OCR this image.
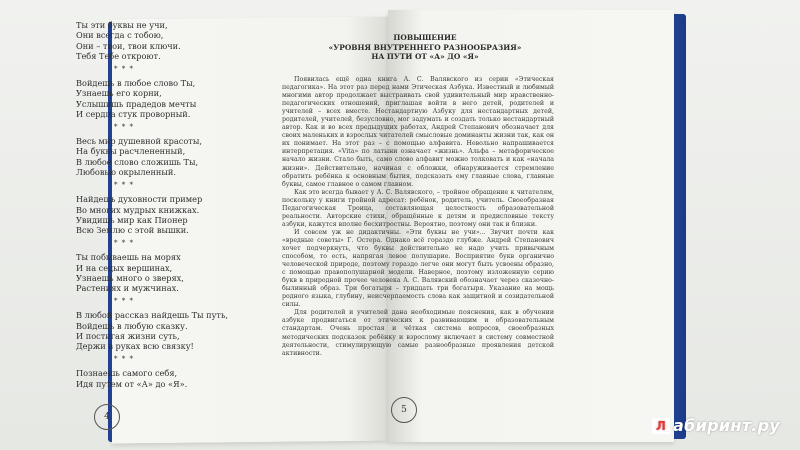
Ты эти буквы не учи,
Они всегда с тобою,
Они – твои, твои ключи.
Тебя Тебе откроют.
* * *
Войдешь в любое слово Ты,
Узнаешь его корни,
Услышишь прадедов мечты
И сердца стук проворный.
* * *
Весь мир душевной красоты,
На буквы расчлененный,
В любое слово сложишь Ты,
Любовью окрыленный.
* * *
Найдешь духовности пример
Во многих мудрых книжках.
Увидишь мир как Пионер
Всю Землю с этой вышки.
* * *
Ты побываешь на морях
И на седых вершинах,
Узнаешь много о зверях,
Растениях и мужчинах.
* * *
В любой рассказ найдешь Ты путь,
Войдешь в любую сказку.
И постигая жизни суть,
Держи в руках всю связку!
* * *
Познаешь самого себя,
Идя путем от «А» до «Я».
4
ПОВЫШЕНИЕ
«УРОВНЯ ВНУТРЕННЕГО РАЗНООБРАЗИЯ»
НА ПУТИ ОТ «А» ДО «Я»

Появилась ещё одна книга А. С. Валявского из серии «Этическая педагогика». На этот раз перед нами Этическая Азбука. Известный и любимый многими автор продолжает выстраивать свой удивительный мир нравственно-педагогических отношений, приглашая войти в него детей, родителей и учителей – всех вместе. Нестандартную Азбуку для нестандартных детей, родителей, учителей, безусловно, мог задумать и создать только нестандартный автор. Как и во всех предыдущих работах, Андрей Степанович обозначает для своих маленьких и взрослых читателей смысловые доминанты жизни так, как он их понимает. На этот раз – с помощью алфавита. Невольно напрашивается интерпретация. «Vita» по латыни означает «жизнь». Альфа – метафорическое начало жизни. Стало быть, само слово алфавит можно толковать и как «начала жизни». Действительно, начиная с обложки, обнаруживается стремление обратить ребёнка к основным бытия, подсказать ему главные слова, главные буквы, самое главное о самом главном.

Как это всегда бывает у А. С. Валявского, – тройное обращение к читателям, поскольку у книги тройной адресат: ребёнок, родитель, учитель. Своеобразная Педагогическая Троица, составляющая целостность образовательной реальности. Авторские стихи, обращённые к детям и предисловные тексту азбуки, кажутся вполне бесхитростны. Вероятно, поэтому они так и близки.

И совсем уж не дидактичны. «Эти буквы не учи»... Звучит почти как «вредные советы» Г. Остера. Однако всё гораздо глубже. Андрей Степанович хочет подчеркнуть, что буквы действительно не надо учить привычным способом, то есть, напрягая левое полушарие. Восприятие букв органично человеческой природе, поэтому гораздо легче они могут быть усвоены образно, с помощью правополушарной модели. Наверное, поэтому изложенную серию букв в природной прочее человека А. С. Валявский обозначает через сказочно-былинный образ. Три богатыря – тридцать три богатыря. Указание на мощь родного языка, глубину, неисчерпаемость слова как защитной и созидательной силы.

Для родителей и учителей дана необходимые пояснения, как в обучении азбуке продвигаться от этических к развивающим и образовательным стандартам. Очень простая и чёткая система вопросов, своеобразных методических подсказок ребёнку и взрослому включает в систему совместной деятельности, стимулирующую самые разнообразные проявления детской активности.

5
Л абиринт.ру
